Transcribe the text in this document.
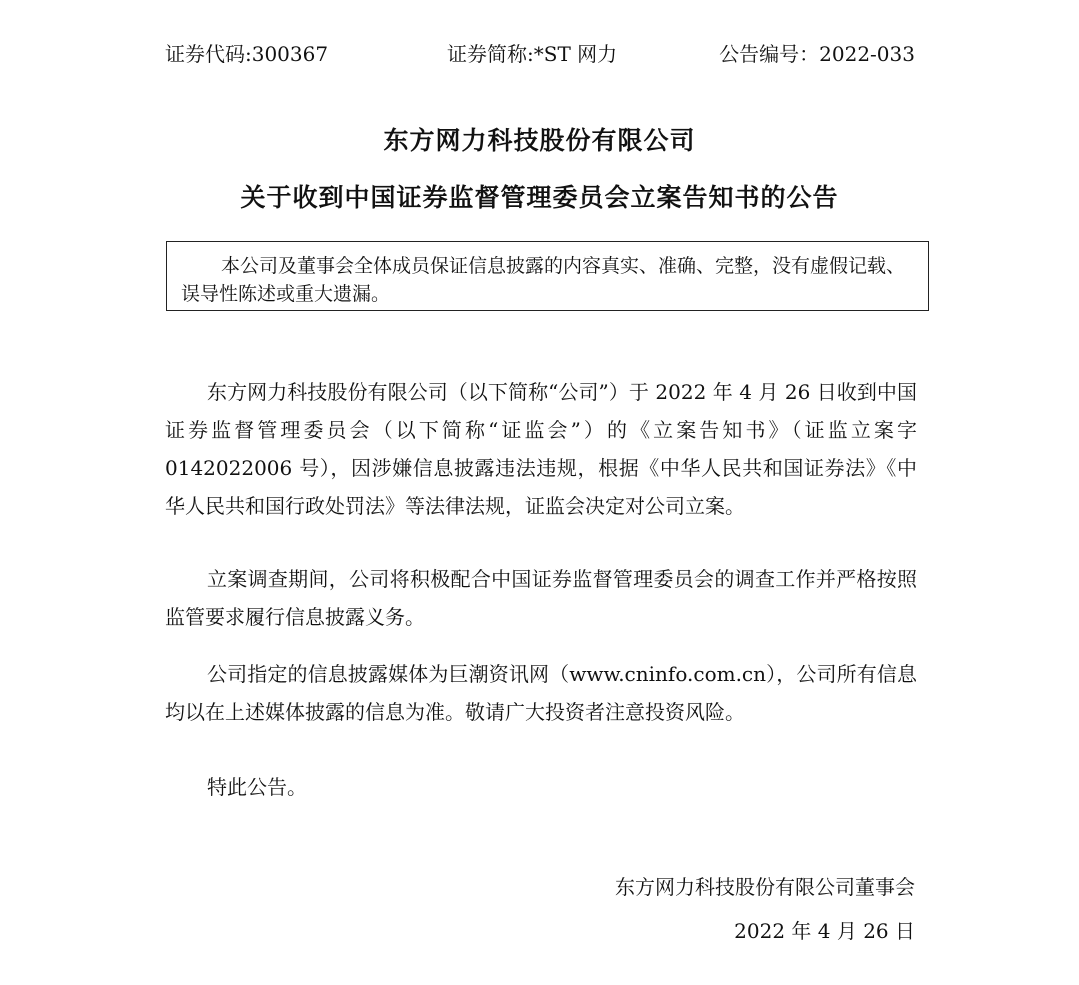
证券代码:300367	证券简称:*ST 网力	公告编号：2022-033
东方网力科技股份有限公司
关于收到中国证券监督管理委员会立案告知书的公告
本公司及董事会全体成员保证信息披露的内容真实、准确、完整，没有虚假记载、误导性陈述或重大遗漏。
东方网力科技股份有限公司（以下简称“公司”）于 2022 年 4 月 26 日收到中国证券监督管理委员会（以下简称“证监会”）的《立案告知书》（证监立案字0142022006 号），因涉嫌信息披露违法违规，根据《中华人民共和国证券法》《中华人民共和国行政处罚法》等法律法规，证监会决定对公司立案。
立案调查期间，公司将积极配合中国证券监督管理委员会的调查工作并严格按照监管要求履行信息披露义务。
公司指定的信息披露媒体为巨潮资讯网（www.cninfo.com.cn），公司所有信息均以在上述媒体披露的信息为准。敬请广大投资者注意投资风险。
特此公告。
东方网力科技股份有限公司董事会
2022 年 4 月 26 日
